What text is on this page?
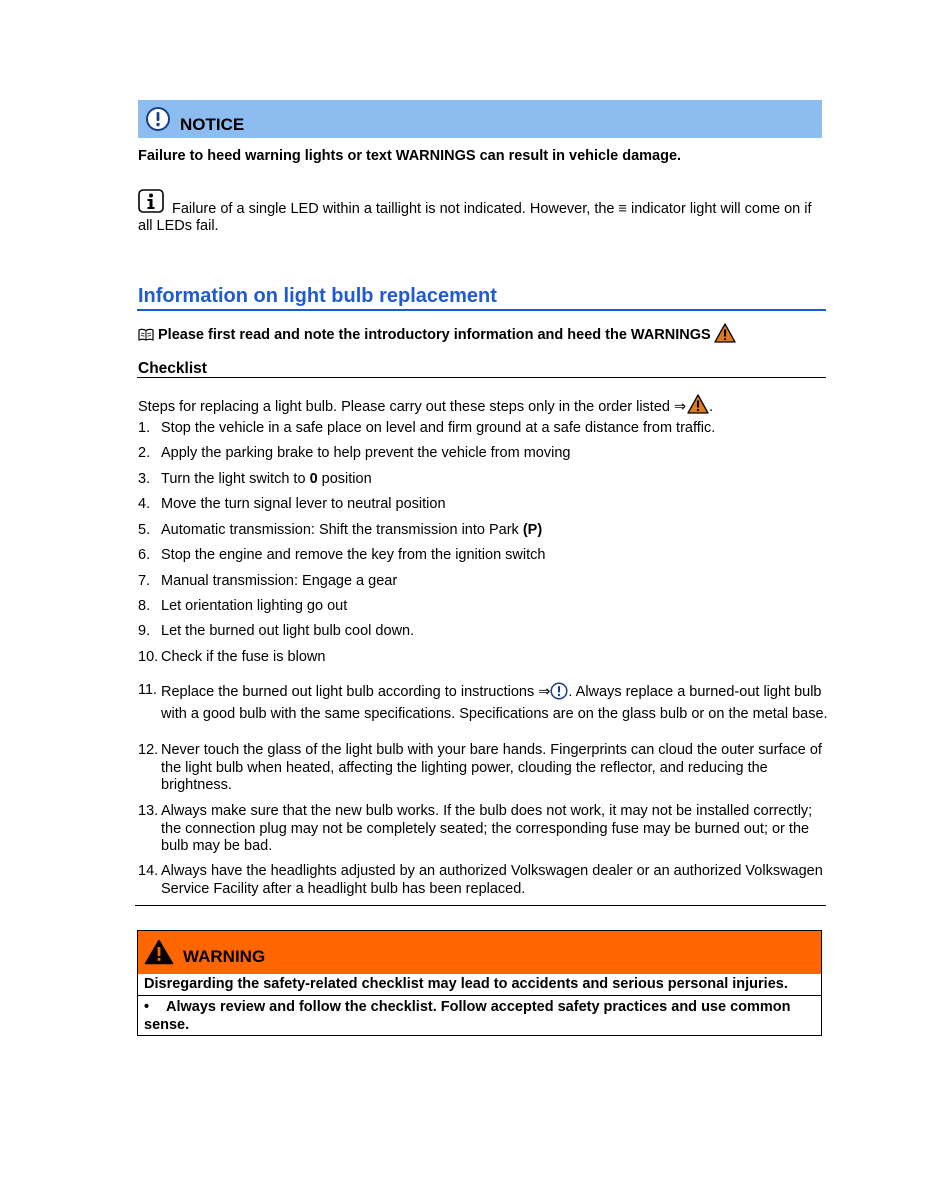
NOTICE
Failure to heed warning lights or text WARNINGS can result in vehicle damage.
Failure of a single LED within a taillight is not indicated. However, the ≡ indicator light will come on if all LEDs fail.
Information on light bulb replacement
Please first read and note the introductory information and heed the WARNINGS
Checklist
Steps for replacing a light bulb. Please carry out these steps only in the order listed ⇒ .
1. Stop the vehicle in a safe place on level and firm ground at a safe distance from traffic.
2. Apply the parking brake to help prevent the vehicle from moving
3. Turn the light switch to 0 position
4. Move the turn signal lever to neutral position
5. Automatic transmission: Shift the transmission into Park (P)
6. Stop the engine and remove the key from the ignition switch
7. Manual transmission: Engage a gear
8. Let orientation lighting go out
9. Let the burned out light bulb cool down.
10. Check if the fuse is blown
11. Replace the burned out light bulb according to instructions ⇒ . Always replace a burned-out light bulb with a good bulb with the same specifications. Specifications are on the glass bulb or on the metal base.
12. Never touch the glass of the light bulb with your bare hands. Fingerprints can cloud the outer surface of the light bulb when heated, affecting the lighting power, clouding the reflector, and reducing the brightness.
13. Always make sure that the new bulb works. If the bulb does not work, it may not be installed correctly; the connection plug may not be completely seated; the corresponding fuse may be burned out; or the bulb may be bad.
14. Always have the headlights adjusted by an authorized Volkswagen dealer or an authorized Volkswagen Service Facility after a headlight bulb has been replaced.
WARNING
Disregarding the safety-related checklist may lead to accidents and serious personal injuries.
• Always review and follow the checklist. Follow accepted safety practices and use common sense.
